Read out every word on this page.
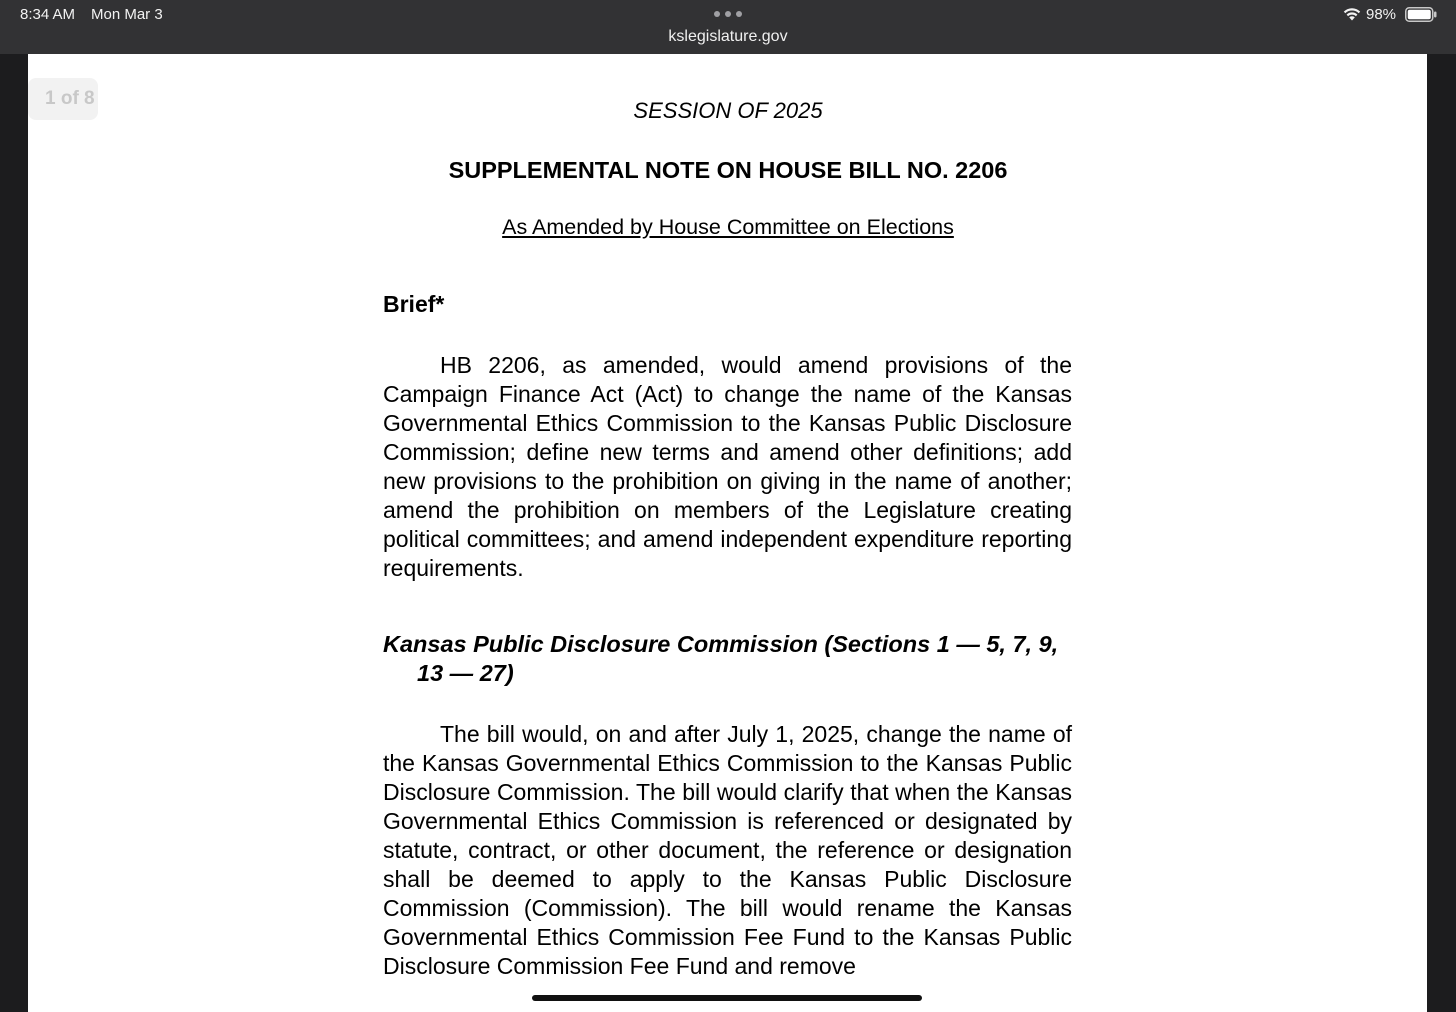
8:34 AM Mon Mar 3
kslegislature.gov
98%
1 of 8	SESSION OF 2025
SUPPLEMENTAL NOTE ON HOUSE BILL NO. 2206
As Amended by House Committee on Elections
Brief*

HB 2206, as amended, would amend provisions of the Campaign Finance Act (Act) to change the name of the Kansas Governmental Ethics Commission to the Kansas Public Disclosure Commission; define new terms and amend other definitions; add new provisions to the prohibition on giving in the name of another; amend the prohibition on members of the Legislature creating political committees; and amend independent expenditure reporting requirements.

Kansas Public Disclosure Commission (Sections 1 — 5, 7, 9, 13 — 27)

The bill would, on and after July 1, 2025, change the name of the Kansas Governmental Ethics Commission to the Kansas Public Disclosure Commission. The bill would clarify that when the Kansas Governmental Ethics Commission is referenced or designated by statute, contract, or other document, the reference or designation shall be deemed to apply to the Kansas Public Disclosure Commission (Commission). The bill would rename the Kansas Governmental Ethics Commission Fee Fund to the Kansas Public Disclosure Commission Fee Fund and remove
